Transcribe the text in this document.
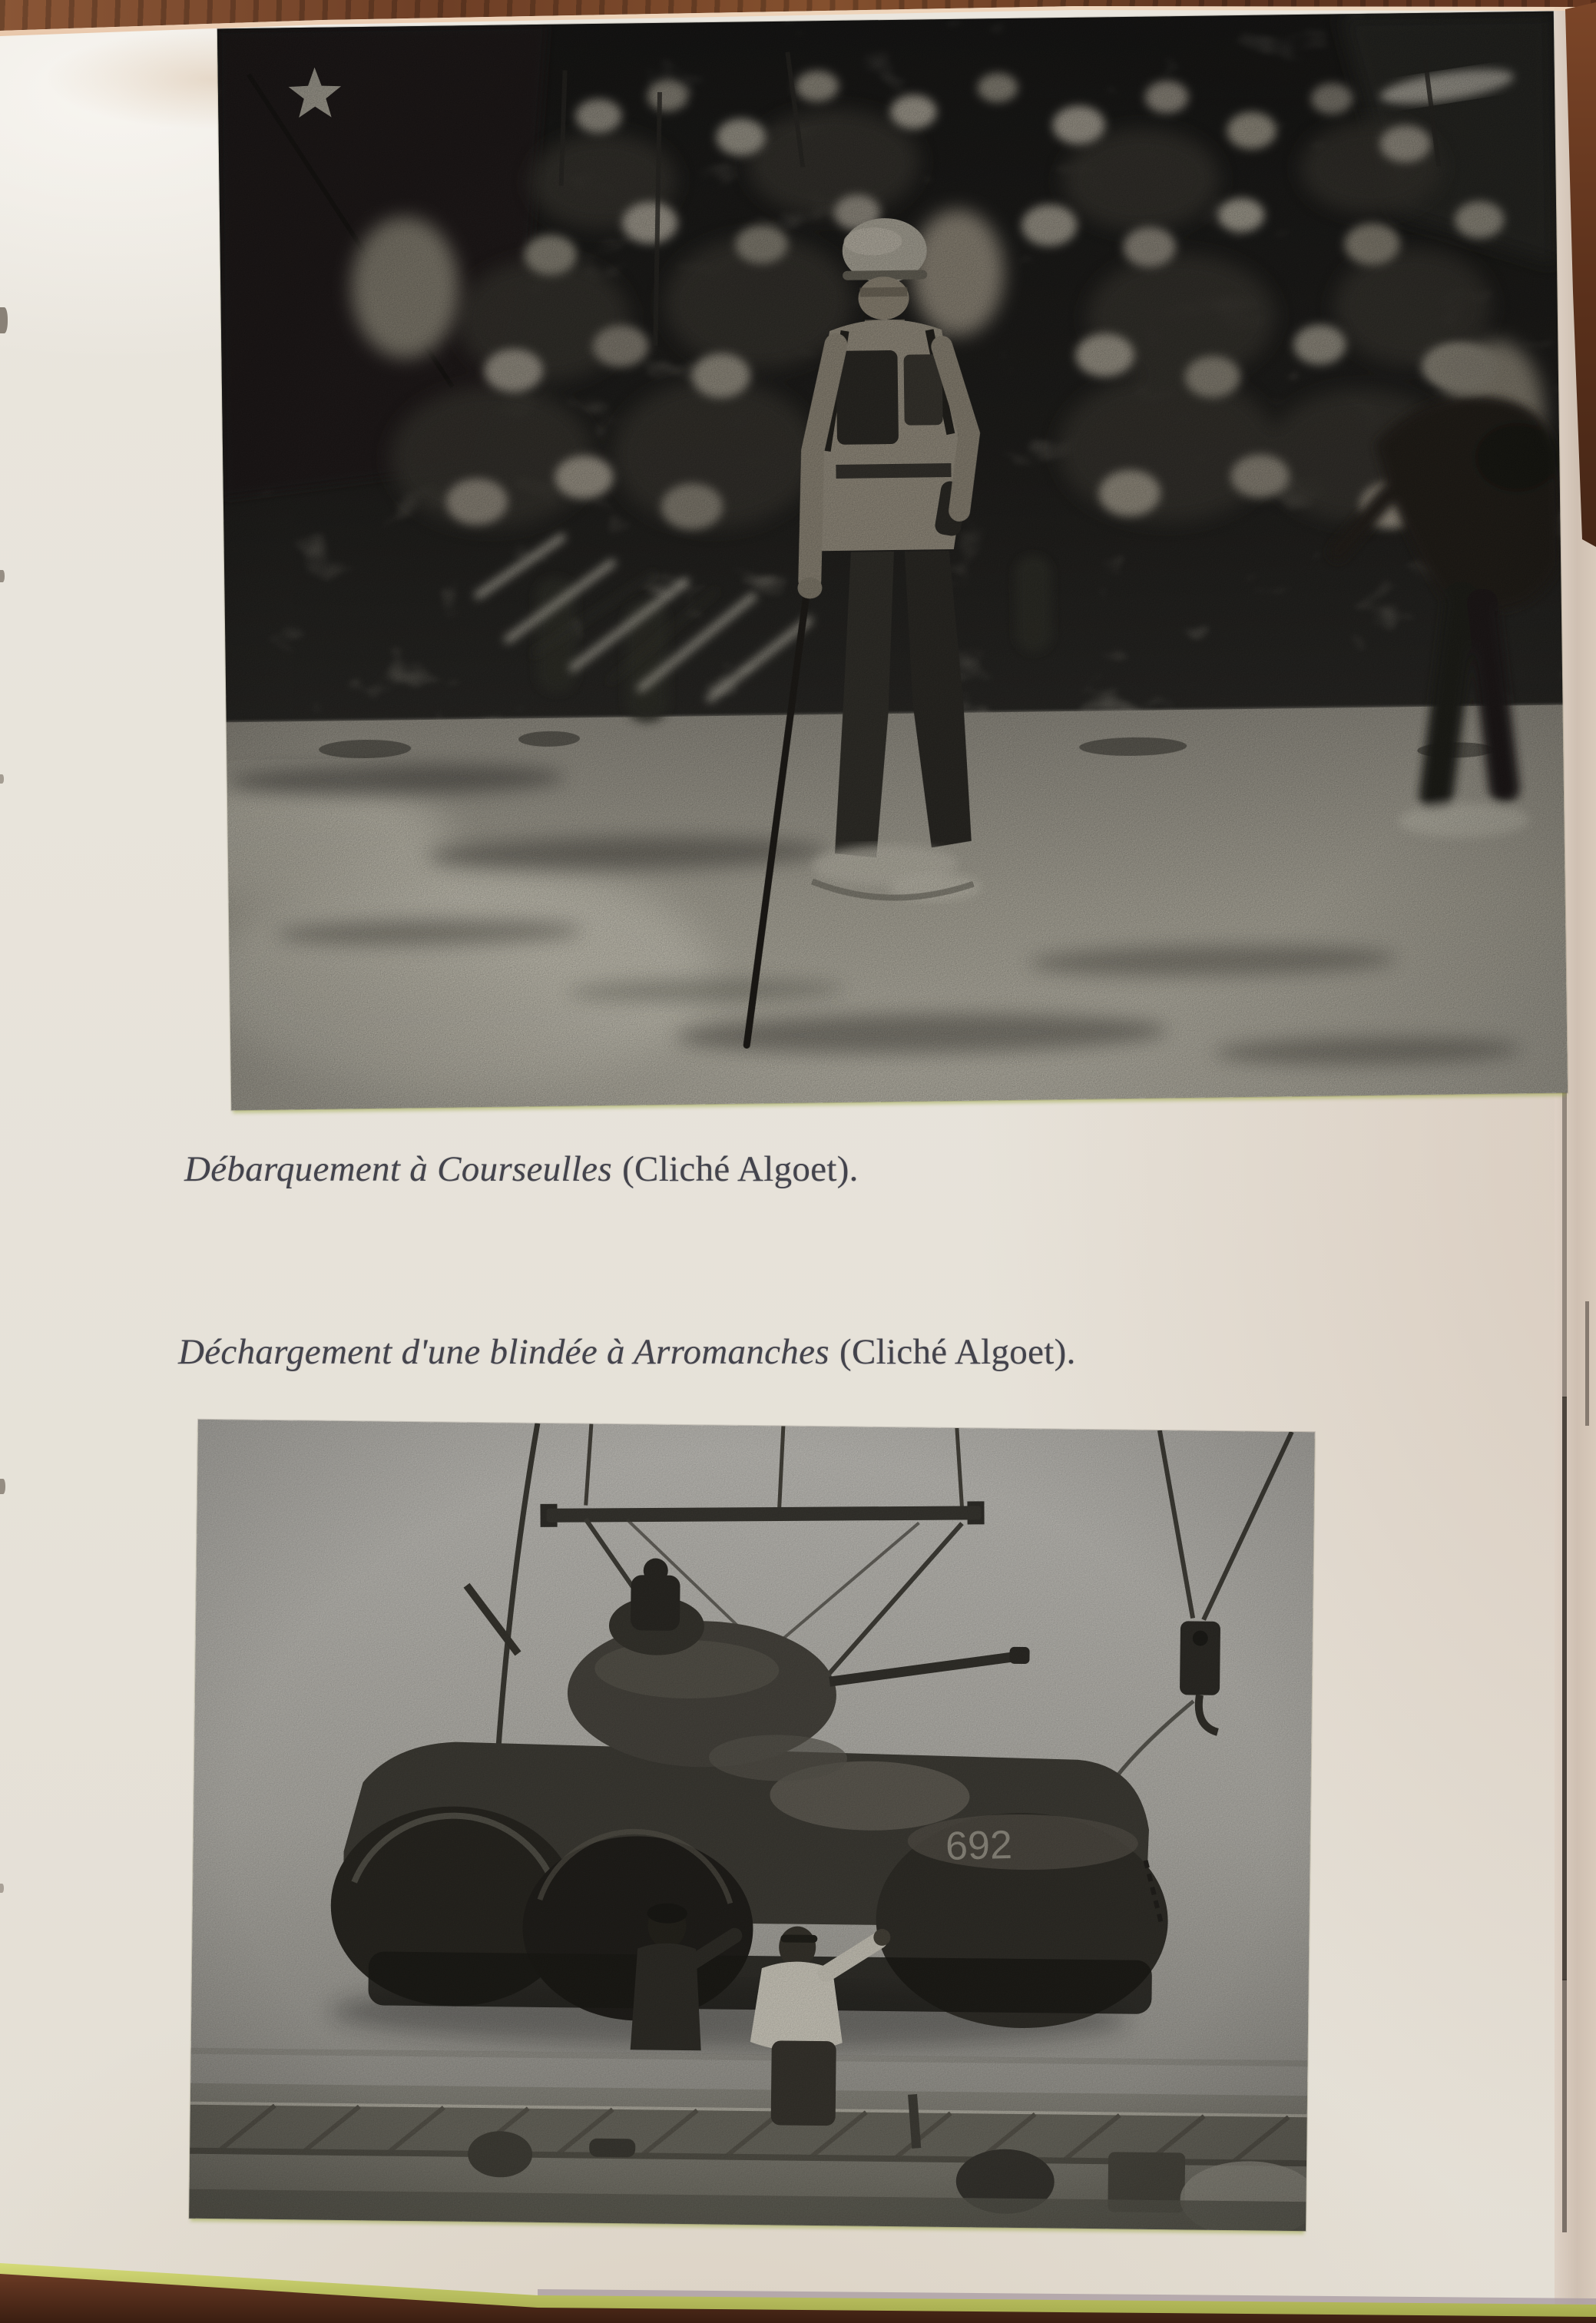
Débarquement à Courseulles (Cliché Algoet).
Déchargement d'une blindée à Arromanches (Cliché Algoet).
